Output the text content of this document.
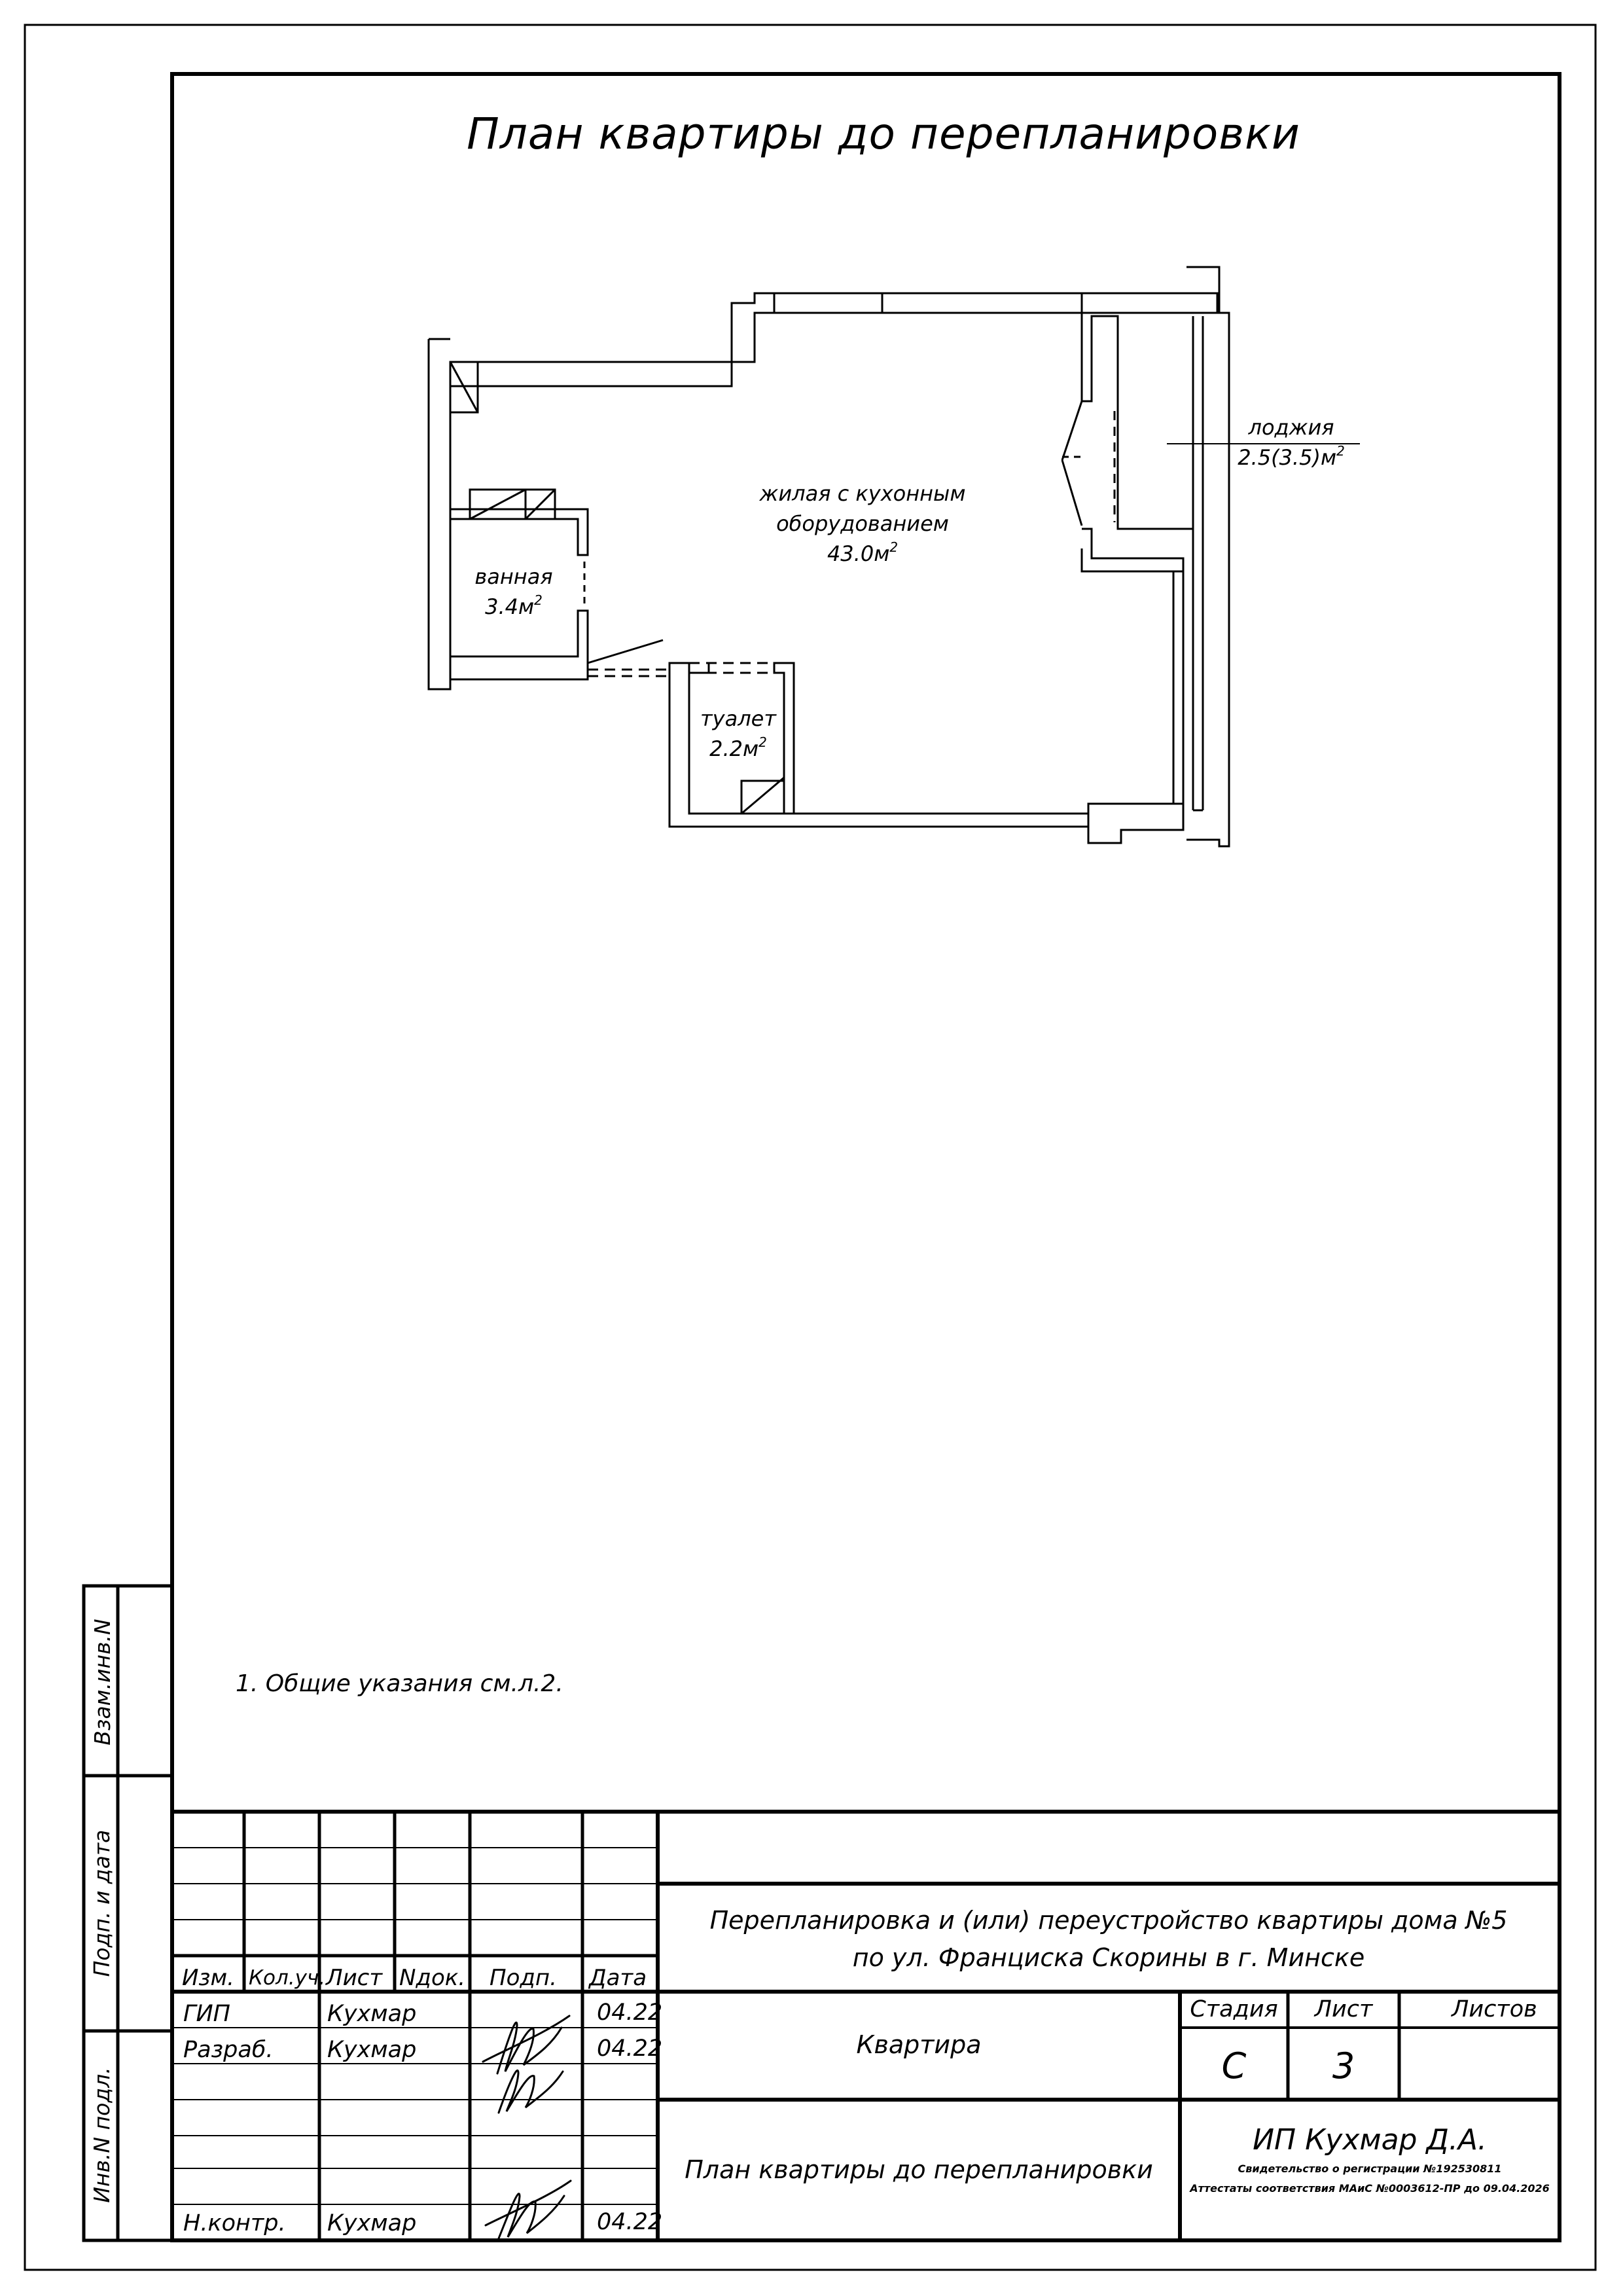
План квартиры до перепланировки
жилая с кухонным
оборудованием
$43.0м^2$
ванная
$3.4м^2$
туалет
$2.2м^2$
лоджия
$2.5(3.5)м^2$
1. Общие указания см.л.2.
Взам.инв.N
Подп. и дата
Инв.N подл.
Изм. Кол.уч. Лист Nдок. Подп. Дата
ГИП	Кухмар	04.22
Разраб. Кухмар	04.22
Н.контр. Кухмар	04.22
Перепланировка и (или) переустройство квартиры дома №5
по ул. Франциска Скорины в г. Минске
Квартира
Стадия	Лист	Листов
С	3
План квартиры до перепланировки
ИП Кухмар Д.А.
Свидетельство о регистрации №192530811
Аттестаты соответствия МАиС №0003612-ПР до 09.04.2026
